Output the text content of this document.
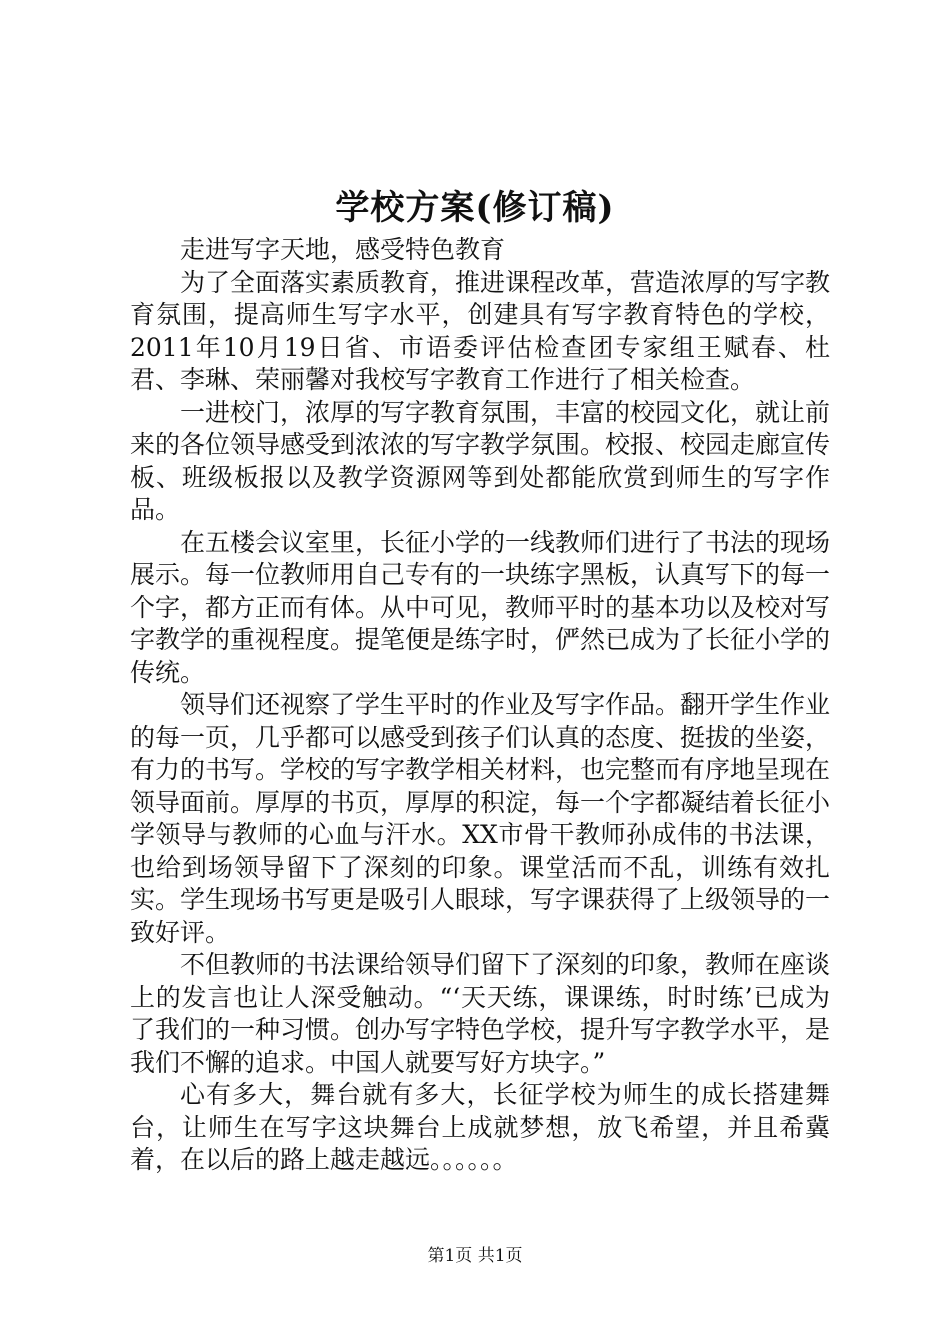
学校方案(修订稿)

走进写字天地，感受特色教育

为了全面落实素质教育，推进课程改革，营造浓厚的写字教育氛围，提高师生写字水平，创建具有写字教育特色的学校，2011年10月19日省、市语委评估检查团专家组王赋春、杜君、李琳、荣丽馨对我校写字教育工作进行了相关检查。

一进校门，浓厚的写字教育氛围，丰富的校园文化，就让前来的各位领导感受到浓浓的写字教学氛围。校报、校园走廊宣传板、班级板报以及教学资源网等到处都能欣赏到师生的写字作品。

在五楼会议室里，长征小学的一线教师们进行了书法的现场展示。每一位教师用自己专有的一块练字黑板，认真写下的每一个字，都方正而有体。从中可见，教师平时的基本功以及校对写字教学的重视程度。提笔便是练字时，俨然已成为了长征小学的传统。

领导们还视察了学生平时的作业及写字作品。翻开学生作业的每一页，几乎都可以感受到孩子们认真的态度、挺拔的坐姿，有力的书写。学校的写字教学相关材料，也完整而有序地呈现在领导面前。厚厚的书页，厚厚的积淀，每一个字都凝结着长征小学领导与教师的心血与汗水。XX市骨干教师孙成伟的书法课，也给到场领导留下了深刻的印象。课堂活而不乱，训练有效扎实。学生现场书写更是吸引人眼球，写字课获得了上级领导的一致好评。

不但教师的书法课给领导们留下了深刻的印象，教师在座谈上的发言也让人深受触动。“‘天天练，课课练，时时练’已成为了我们的一种习惯。创办写字特色学校，提升写字教学水平，是我们不懈的追求。中国人就要写好方块字。”

心有多大，舞台就有多大，长征学校为师生的成长搭建舞台，让师生在写字这块舞台上成就梦想，放飞希望，并且希冀着，在以后的路上越走越远。。。。。。

第1页 共1页
